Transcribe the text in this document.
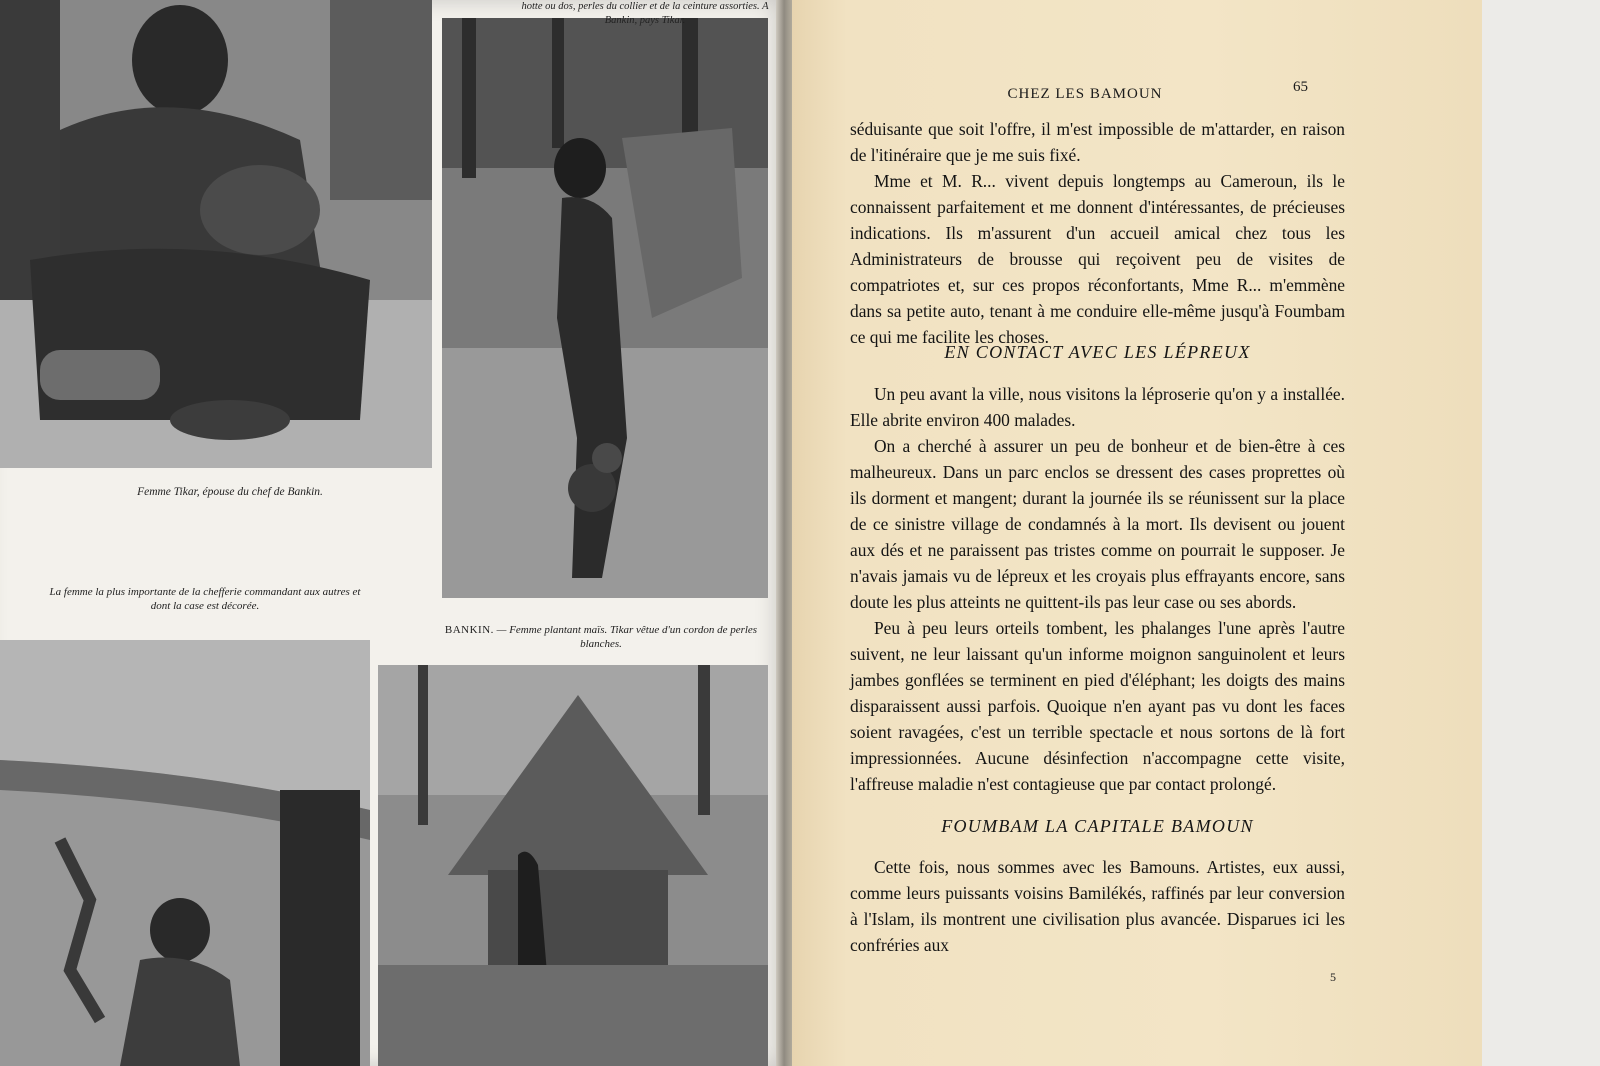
Femme Tikar, épouse du chef de Bankin.
La femme la plus importante de la chefferie commandant aux autres et dont la case est décorée.
hotte ou dos, perles du collier et de la ceinture assorties. A Bankin, pays Tikar.
BANKIN. — Femme plantant maïs. Tikar vêtue d'un cordon de perles blanches.
CHEZ LES BAMOUN	65

séduisante que soit l'offre, il m'est impossible de m'attarder, en raison de l'itinéraire que je me suis fixé.

Mme et M. R... vivent depuis longtemps au Cameroun, ils le connaissent parfaitement et me donnent d'intéressantes, de précieuses indications. Ils m'assurent d'un accueil amical chez tous les Administrateurs de brousse qui reçoivent peu de visites de compatriotes et, sur ces propos réconfortants, Mme R... m'emmène dans sa petite auto, tenant à me conduire elle-même jusqu'à Foumbam ce qui me facilite les choses.

EN CONTACT AVEC LES LÉPREUX

Un peu avant la ville, nous visitons la léproserie qu'on y a installée. Elle abrite environ 400 malades.

On a cherché à assurer un peu de bonheur et de bien-être à ces malheureux. Dans un parc enclos se dressent des cases proprettes où ils dorment et mangent; durant la journée ils se réunissent sur la place de ce sinistre village de condamnés à la mort. Ils devisent ou jouent aux dés et ne paraissent pas tristes comme on pourrait le supposer. Je n'avais jamais vu de lépreux et les croyais plus effrayants encore, sans doute les plus atteints ne quittent-ils pas leur case ou ses abords.

Peu à peu leurs orteils tombent, les phalanges l'une après l'autre suivent, ne leur laissant qu'un informe moignon sanguinolent et leurs jambes gonflées se terminent en pied d'éléphant; les doigts des mains disparaissent aussi parfois. Quoique n'en ayant pas vu dont les faces soient ravagées, c'est un terrible spectacle et nous sortons de là fort impressionnées. Aucune désinfection n'accompagne cette visite, l'affreuse maladie n'est contagieuse que par contact prolongé.

FOUMBAM LA CAPITALE BAMOUN

Cette fois, nous sommes avec les Bamouns. Artistes, eux aussi, comme leurs puissants voisins Bamilékés, raffinés par leur conversion à l'Islam, ils montrent une civilisation plus avancée. Disparues ici les confréries aux

5
